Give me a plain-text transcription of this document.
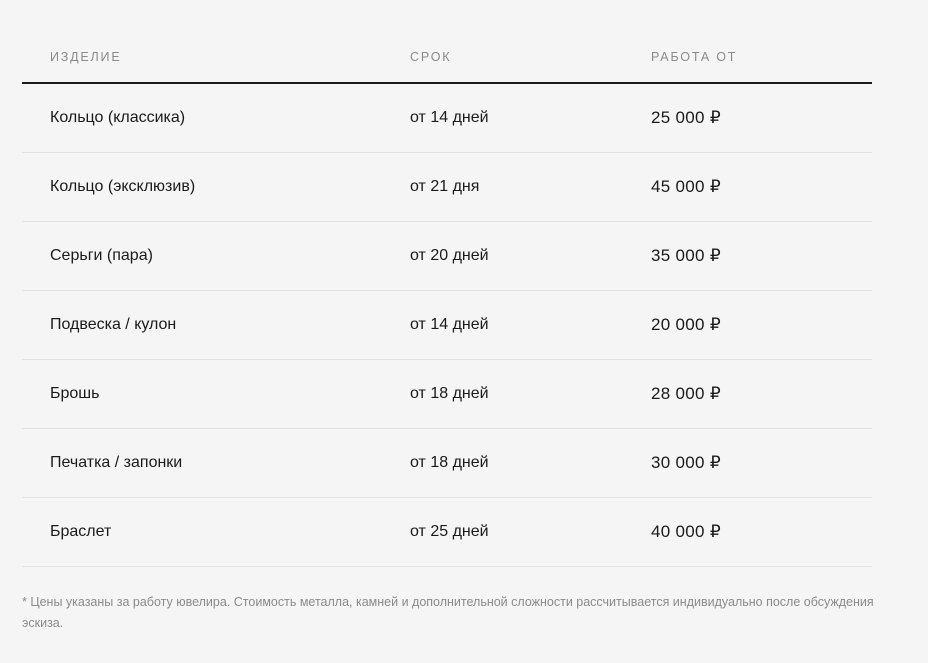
ИЗДЕЛИЕ	СРОК	РАБОТА ОТ
Кольцо (классика)	от 14 дней	25 000 ₽
Кольцо (эксклюзив)	от 21 дня	45 000 ₽
Серьги (пара)	от 20 дней	35 000 ₽
Подвеска / кулон	от 14 дней	20 000 ₽
Брошь	от 18 дней	28 000 ₽
Печатка / запонки	от 18 дней	30 000 ₽
Браслет	от 25 дней	40 000 ₽
* Цены указаны за работу ювелира. Стоимость металла, камней и дополнительной сложности рассчитывается индивидуально после обсуждения эскиза.
